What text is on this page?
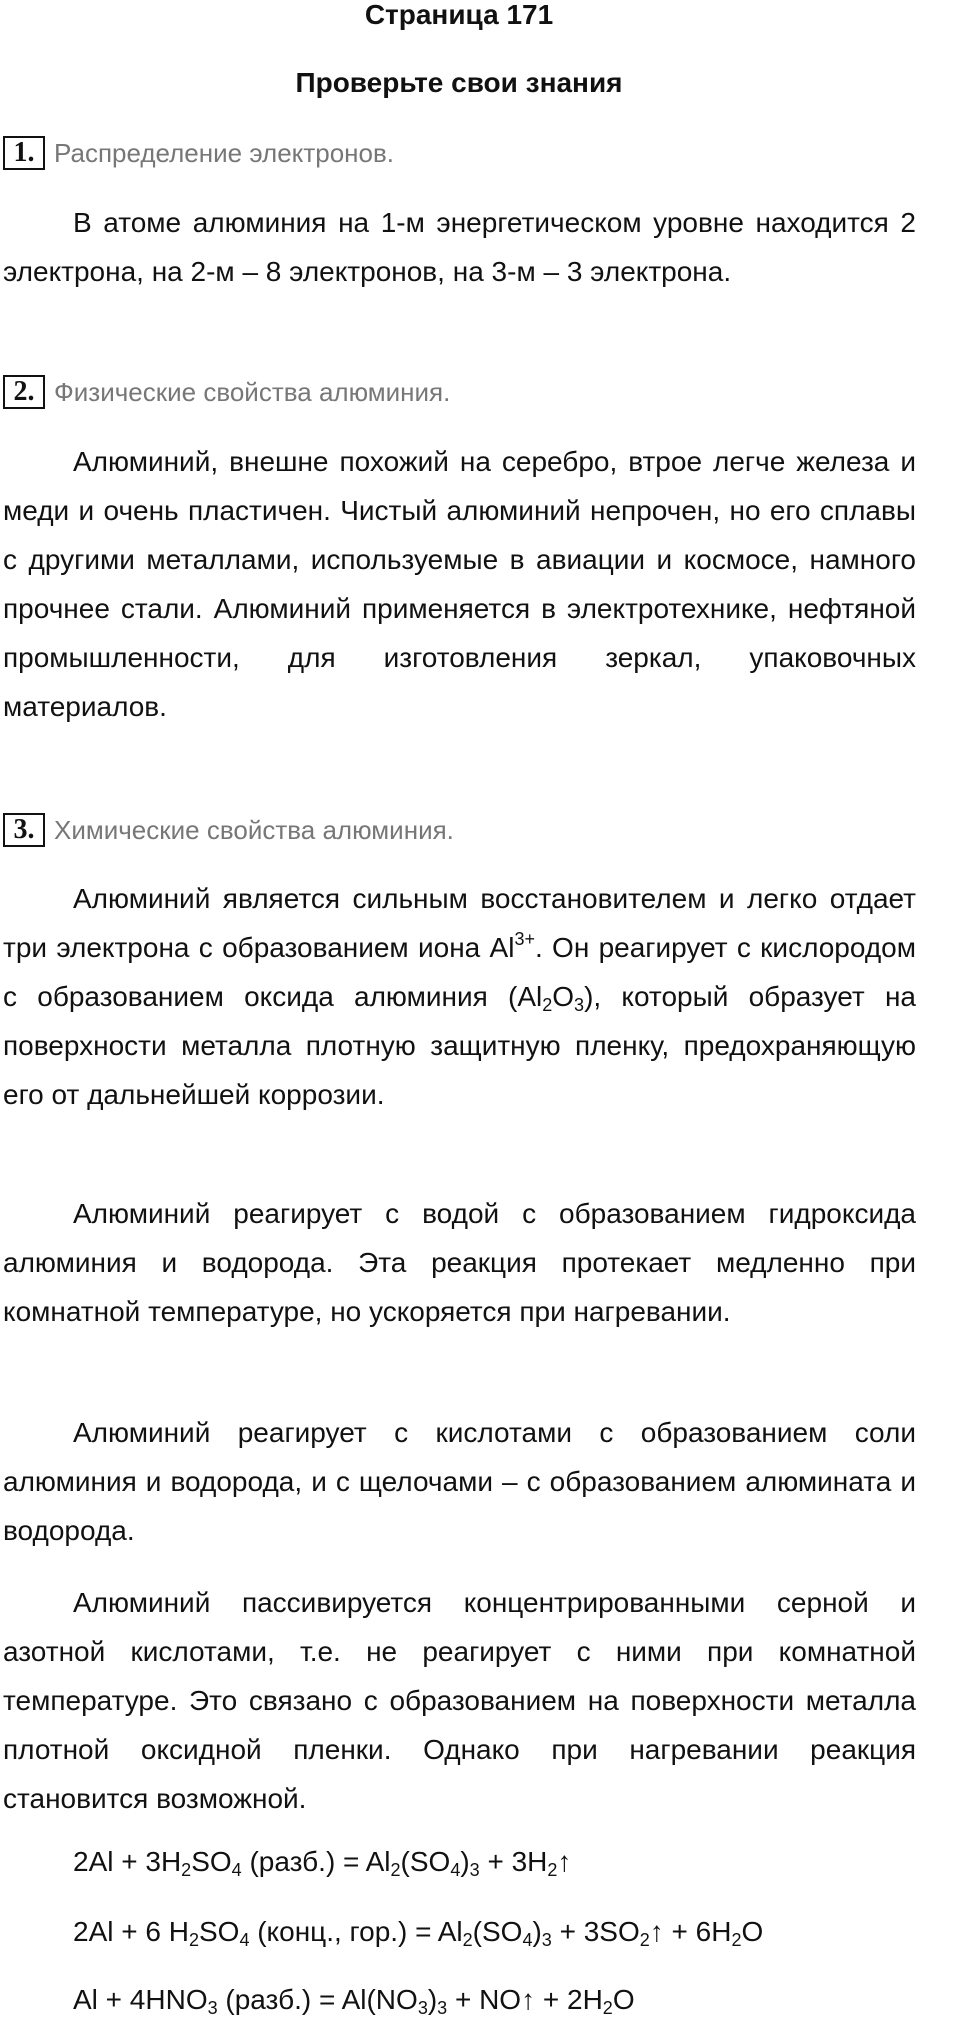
Страница 171
Проверьте свои знания
1. Распределение электронов.

В атоме алюминия на 1-м энергетическом уровне находится 2 электрона, на 2-м – 8 электронов, на 3-м – 3 электрона.

2. Физические свойства алюминия.

Алюминий, внешне похожий на серебро, втрое легче железа и меди и очень пластичен. Чистый алюминий непрочен, но его сплавы с другими металлами, используемые в авиации и космосе, намного прочнее стали. Алюминий применяется в электротехнике, нефтяной промышленности, для изготовления зеркал, упаковочных материалов.

3. Химические свойства алюминия.

Алюминий является сильным восстановителем и легко отдает три электрона с образованием иона $Al^{3+}$. Он реагирует с кислородом с образованием оксида алюминия $(Al_2O_3)$, который образует на поверхности металла плотную защитную пленку, предохраняющую его от дальнейшей коррозии.

Алюминий реагирует с водой с образованием гидроксида алюминия и водорода. Эта реакция протекает медленно при комнатной температуре, но ускоряется при нагревании.

Алюминий реагирует с кислотами с образованием соли алюминия и водорода, и с щелочами – с образованием алюмината и водорода.

Алюминий пассивируется концентрированными серной и азотной кислотами, т.е. не реагирует с ними при комнатной температуре. Это связано с образованием на поверхности металла плотной оксидной пленки. Однако при нагревании реакция становится возможной.

$2Al + 3H_2SO_4$ (разб.) = $Al_2(SO_4)_3$ + $3H_2↑$
2Al + 6 $H_2SO_4$ (конц., $гор.) = Al_2(SO_4)_3$ + $3SO_2↑ + 6H_2O$
$Al + 4HNO_3$ (разб.) = $Al(NO_3)_3$ + NO↑ + $2H_2O$
